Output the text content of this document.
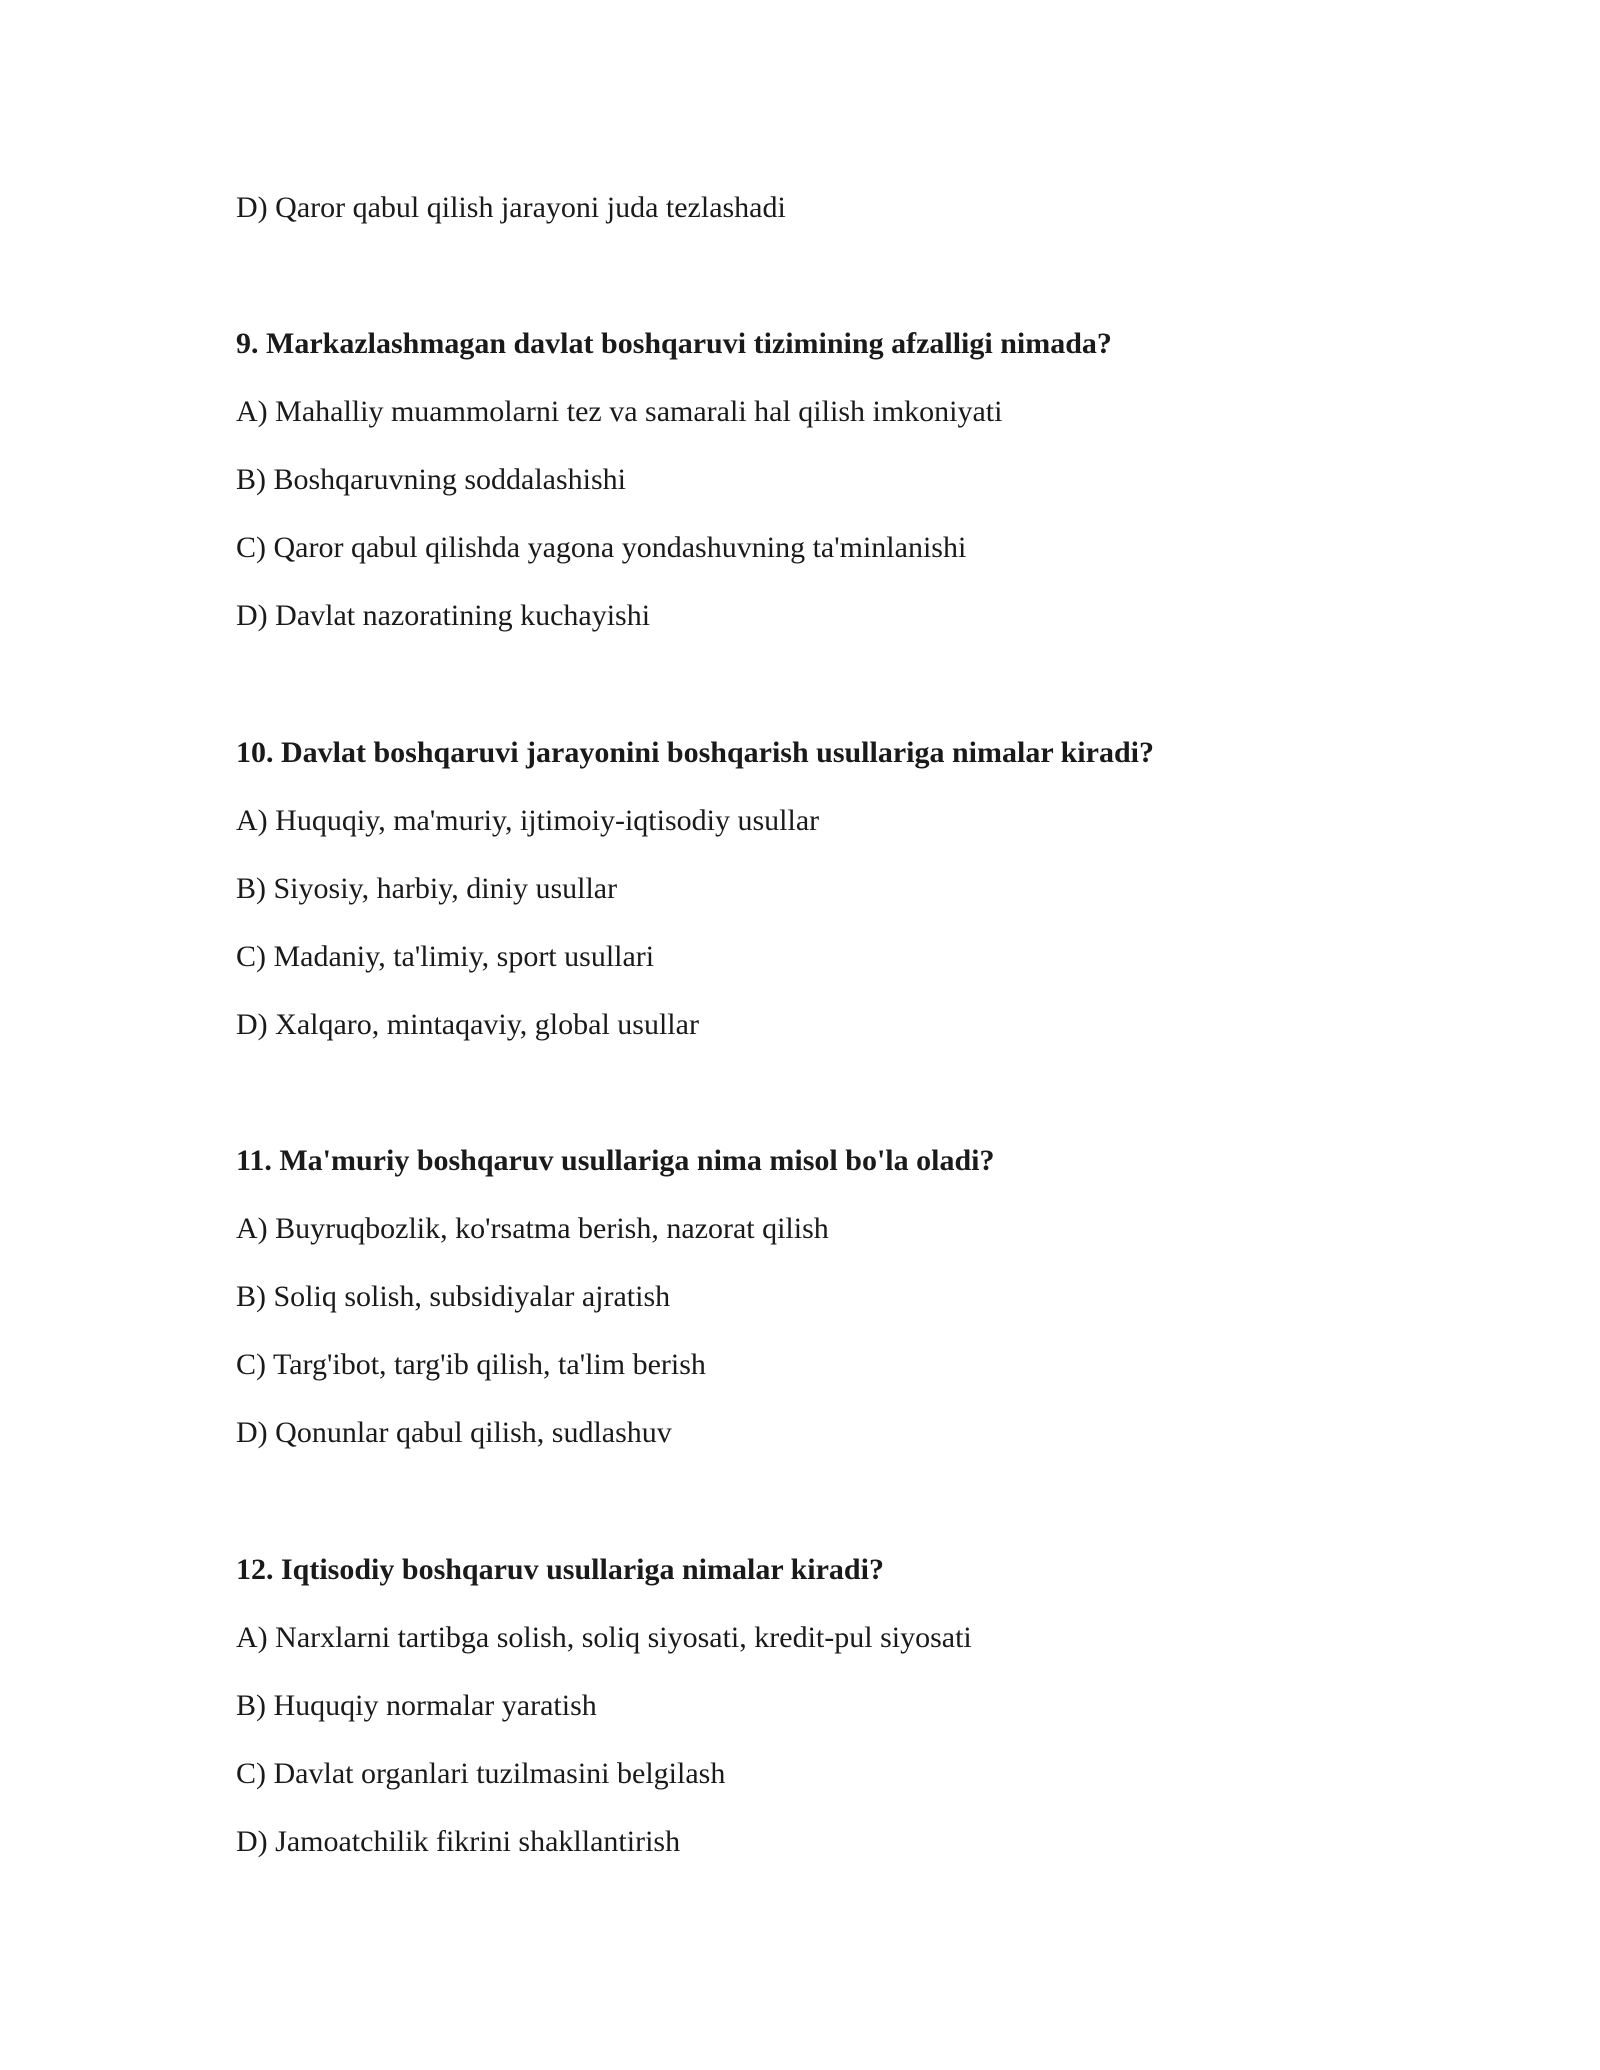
D) Qaror qabul qilish jarayoni juda tezlashadi

9. Markazlashmagan davlat boshqaruvi tizimining afzalligi nimada?

A) Mahalliy muammolarni tez va samarali hal qilish imkoniyati

B) Boshqaruvning soddalashishi

C) Qaror qabul qilishda yagona yondashuvning ta'minlanishi

D) Davlat nazoratining kuchayishi

10. Davlat boshqaruvi jarayonini boshqarish usullariga nimalar kiradi?

A) Huquqiy, ma'muriy, ijtimoiy-iqtisodiy usullar

B) Siyosiy, harbiy, diniy usullar

C) Madaniy, ta'limiy, sport usullari

D) Xalqaro, mintaqaviy, global usullar

11. Ma'muriy boshqaruv usullariga nima misol bo'la oladi?

A) Buyruqbozlik, ko'rsatma berish, nazorat qilish

B) Soliq solish, subsidiyalar ajratish

C) Targ'ibot, targ'ib qilish, ta'lim berish

D) Qonunlar qabul qilish, sudlashuv

12. Iqtisodiy boshqaruv usullariga nimalar kiradi?

A) Narxlarni tartibga solish, soliq siyosati, kredit-pul siyosati

B) Huquqiy normalar yaratish

C) Davlat organlari tuzilmasini belgilash

D) Jamoatchilik fikrini shakllantirish
